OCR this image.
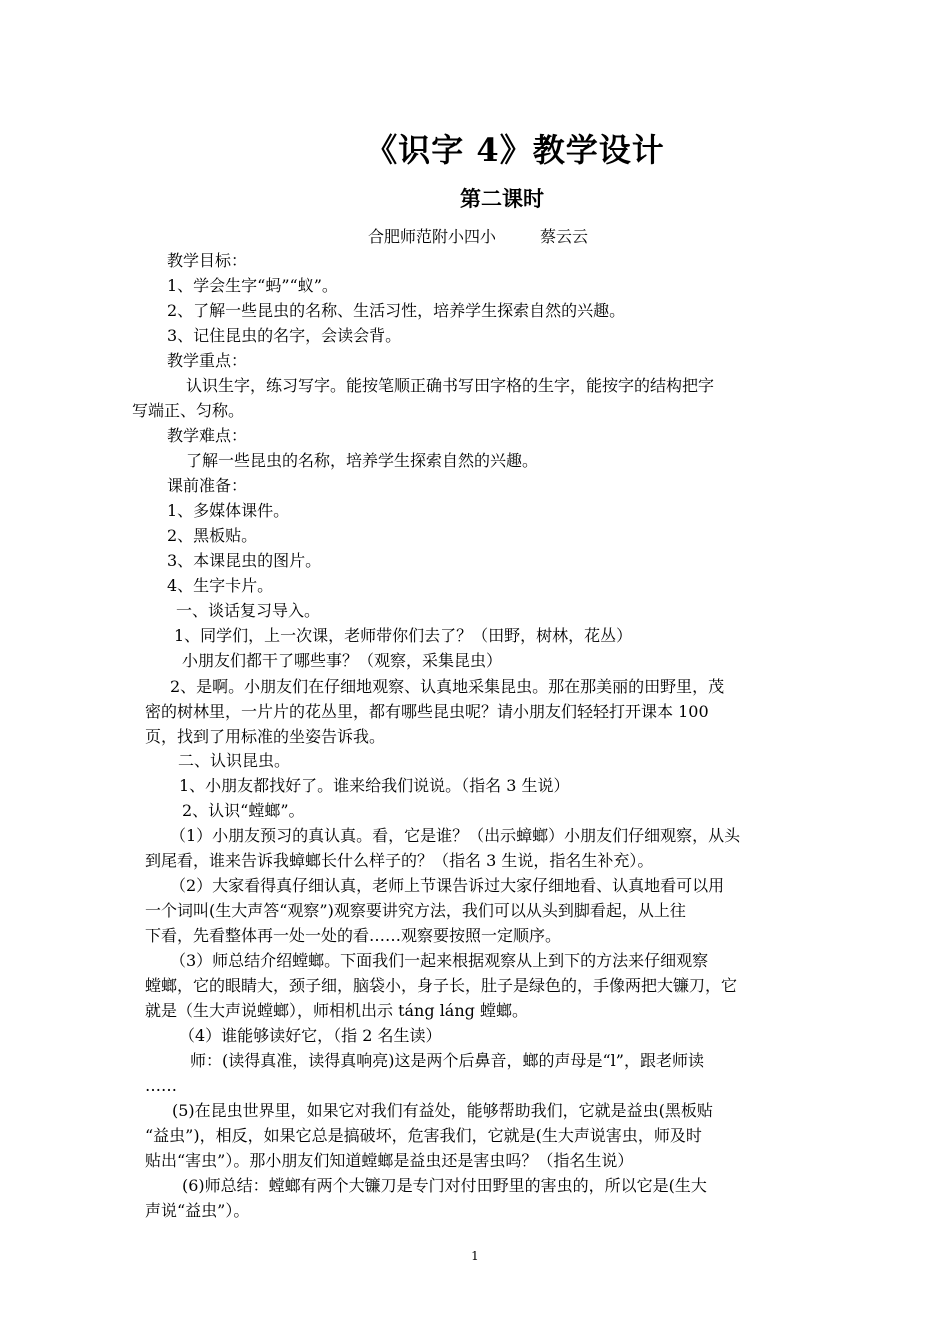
《识字 4》教学设计
第二课时
合肥师范附小四小	蔡云云
教学目标：
1、学会生字“蚂”“蚁”。
2、了解一些昆虫的名称、生活习性，培养学生探索自然的兴趣。
3、记住昆虫的名字，会读会背。
教学重点：
认识生字，练习写字。能按笔顺正确书写田字格的生字，能按字的结构把字
写端正、匀称。
教学难点：
了解一些昆虫的名称，培养学生探索自然的兴趣。
课前准备：
1、多媒体课件。
2、黑板贴。
3、本课昆虫的图片。
4、生字卡片。
一、谈话复习导入。
1、同学们，上一次课，老师带你们去了？（田野，树林，花丛）
小朋友们都干了哪些事？（观察，采集昆虫）
2、是啊。小朋友们在仔细地观察、认真地采集昆虫。那在那美丽的田野里，茂
密的树林里，一片片的花丛里，都有哪些昆虫呢？请小朋友们轻轻打开课本 100
页，找到了用标准的坐姿告诉我。
二、认识昆虫。
1、小朋友都找好了。谁来给我们说说。（指名 3 生说）
2、认识“螳螂”。
（1）小朋友预习的真认真。看，它是谁？（出示蟑螂）小朋友们仔细观察，从头
到尾看，谁来告诉我蟑螂长什么样子的？（指名 3 生说，指名生补充）。
（2）大家看得真仔细认真，老师上节课告诉过大家仔细地看、认真地看可以用
一个词叫(生大声答“观察”)观察要讲究方法，我们可以从头到脚看起，从上往
下看，先看整体再一处一处的看……观察要按照一定顺序。
（3）师总结介绍螳螂。下面我们一起来根据观察从上到下的方法来仔细观察
螳螂，它的眼睛大，颈子细，脑袋小，身子长，肚子是绿色的，手像两把大镰刀，它
就是（生大声说螳螂），师相机出示 táng láng 螳螂。
（4）谁能够读好它，（指 2 名生读）
师：(读得真准，读得真响亮)这是两个后鼻音，螂的声母是“l”，跟老师读
……
(5)在昆虫世界里，如果它对我们有益处，能够帮助我们，它就是益虫(黑板贴
“益虫”)，相反，如果它总是搞破坏，危害我们，它就是(生大声说害虫，师及时
贴出“害虫”）。那小朋友们知道螳螂是益虫还是害虫吗？（指名生说）
(6)师总结：螳螂有两个大镰刀是专门对付田野里的害虫的，所以它是(生大
声说“益虫”）。
1
